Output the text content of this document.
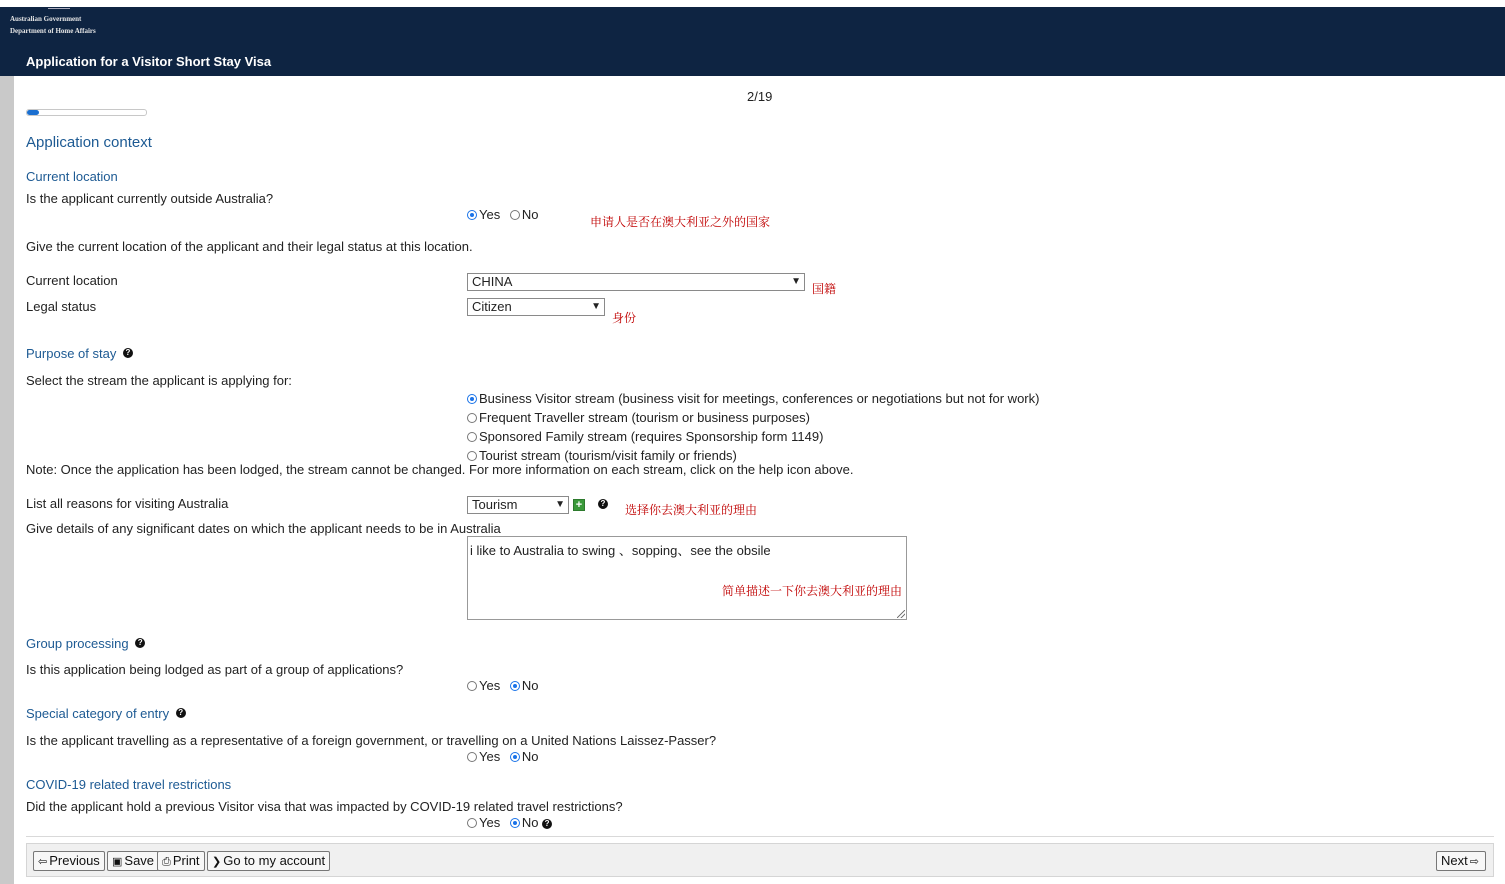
Australian Government
Department of Home Affairs
Application for a Visitor Short Stay Visa
2/19
Application context
Current location
Is the applicant currently outside Australia?
Yes No	申请人是否在澳大利亚之外的国家
Give the current location of the applicant and their legal status at this location.
Current location	CHINA	▼
国籍
Legal status	Citizen	▼
身份
Purpose of stay ?
Select the stream the applicant is applying for:
Business Visitor stream (business visit for meetings, conferences or negotiations but not for work)
Frequent Traveller stream (tourism or business purposes)
Sponsored Family stream (requires Sponsorship form 1149)
Tourist stream (tourism/visit family or friends)
Note: Once the application has been lodged, the stream cannot be changed. For more information on each stream, click on the help icon above.
List all reasons for visiting Australia	Tourism	▼ +	? 选择你去澳大利亚的理由
Give details of any significant dates on which the applicant needs to be in Australia
i like to Australia to swing 、sopping、see the obsile
简单描述一下你去澳大利亚的理由
Group processing ?
Is this application being lodged as part of a group of applications?
Yes No
Special category of entry ?
Is the applicant travelling as a representative of a foreign government, or travelling on a United Nations Laissez-Passer?
Yes No
COVID-19 related travel restrictions
Did the applicant hold a previous Visitor visa that was impacted by COVID-19 related travel restrictions?
Yes No ?
⇦ Previous	▣ Save ⎙ Print	❯ Go to my account	Next ⇨
